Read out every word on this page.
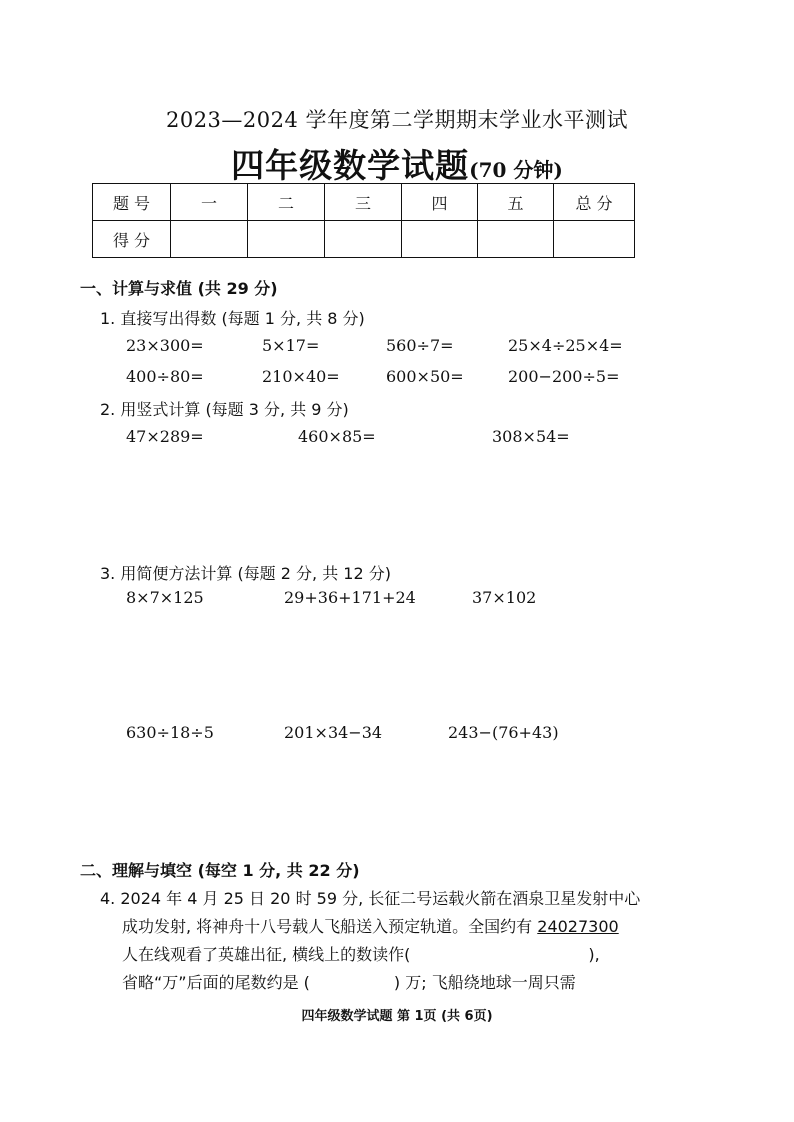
2023—2024 学年度第二学期期末学业水平测试
四年级数学试题(70 分钟)
题 号	一	二	三	四	五	总 分
得 分						
一、计算与求值 (共 29 分)
1. 直接写出得数 (每题 1 分, 共 8 分)
23×300=	5×17=	560÷7=	25×4÷25×4=
400÷80=	210×40=	600×50=	200−200÷5=
2. 用竖式计算 (每题 3 分, 共 9 分)
47×289=	460×85=	308×54=
3. 用简便方法计算 (每题 2 分, 共 12 分)
8×7×125	29+36+171+24	37×102
630÷18÷5	201×34−34	243−(76+43)
二、理解与填空 (每空 1 分, 共 22 分)
4. 2024 年 4 月 25 日 20 时 59 分, 长征二号运载火箭在酒泉卫星发射中心
成功发射, 将神舟十八号载人飞船送入预定轨道。全国约有 24027300
人在线观看了英雄出征, 横线上的数读作(	),
省略“万”后面的尾数约是 (	) 万; 飞船绕地球一周只需
四年级数学试题 第 1页 (共 6页)
